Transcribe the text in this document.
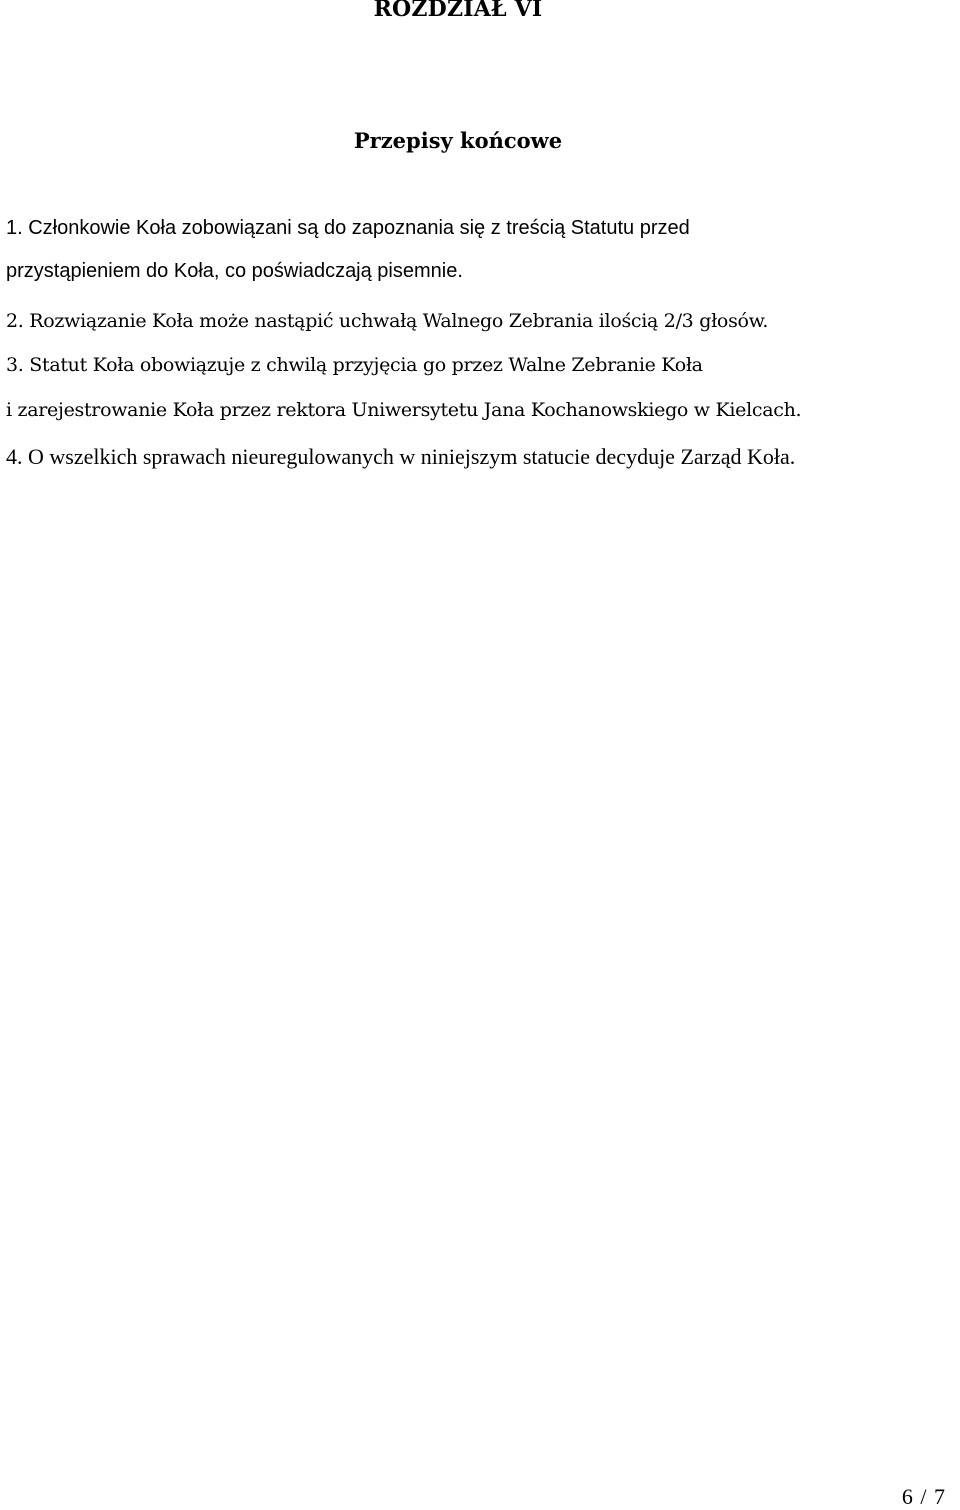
ROZDZIAŁ VI
Przepisy końcowe
1. Członkowie Koła zobowiązani są do zapoznania się z treścią Statutu przed
przystąpieniem do Koła, co poświadczają pisemnie.
2. Rozwiązanie Koła może nastąpić uchwałą Walnego Zebrania ilością 2/3 głosów.
3. Statut Koła obowiązuje z chwilą przyjęcia go przez Walne Zebranie Koła
i zarejestrowanie Koła przez rektora Uniwersytetu Jana Kochanowskiego w Kielcach.
4. O wszelkich sprawach nieuregulowanych w niniejszym statucie decyduje Zarząd Koła.
6 / 7
